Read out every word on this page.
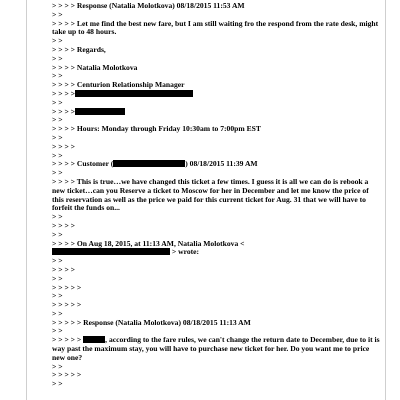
> > > > Response (Natalia Molotkova) 08/18/2015 11:53 AM
> >
> > > > Let me find the best new fare, but I am still waiting fro the respond from the rate desk, might take up to 48 hours.
> >
> > > > Regards,
> >
> > > > Natalia Molotkova
> >
> > > > Centurion Relationship Manager
> > > >
> >
> > > >
> >
> > > > Hours: Monday through Friday 10:30am to 7:00pm EST
> >
> > > >
> >
> > > > Customer (	) 08/18/2015 11:39 AM
> >
> > > > This is true…we have changed this ticket a few times. I guess it is all we can do is rebook a new ticket…can you Reserve a ticket to Moscow for her in December and let me know the price of this reservation as well as the price we paid for this current ticket for Aug. 31 that we will have to forfeit the funds on...
> >
> > > >
> >
> > > > On Aug 18, 2015, at 11:13 AM, Natalia Molotkova <
> wrote:
> >
> > > >
> >
> > > > >
> >
> > > > >
> >
> > > > > Response (Natalia Molotkova) 08/18/2015 11:13 AM
> >
> > > > >	, according to the fare rules, we can't change the return date to December, due to it is way past the maximum stay, you will have to purchase new ticket for her. Do you want me to price new one?
> >
> > > > >
> >
